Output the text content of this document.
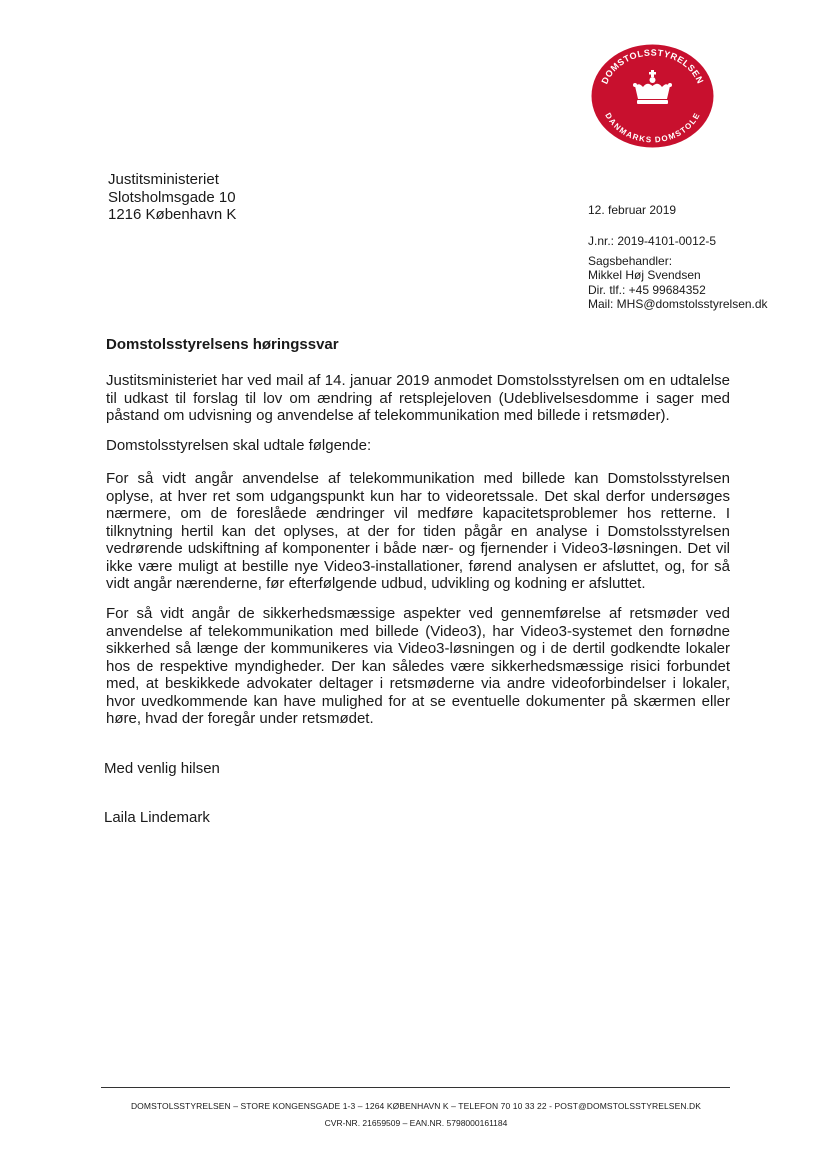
DOMSTOLSSTYRELSEN
DANMARKS DOMSTOLE
Justitsministeriet
Slotsholmsgade 10
1216 København K	12. februar 2019
J.nr.: 2019-4101-0012-5
Sagsbehandler:
Mikkel Høj Svendsen
Dir. tlf.: +45 99684352
Mail: MHS@domstolsstyrelsen.dk
Domstolsstyrelsens høringssvar
Justitsministeriet har ved mail af 14. januar 2019 anmodet Domstolsstyrelsen om en udtalelse til udkast til forslag til lov om ændring af retsplejeloven (Udeblivelsesdomme i sager med påstand om udvisning og anvendelse af telekommunikation med billede i retsmøder).
Domstolsstyrelsen skal udtale følgende:
For så vidt angår anvendelse af telekommunikation med billede kan Domstolsstyrelsen oplyse, at hver ret som udgangspunkt kun har to videoretssale. Det skal derfor undersøges nærmere, om de foreslåede ændringer vil medføre kapacitetsproblemer hos retterne. I tilknytning hertil kan det oplyses, at der for tiden pågår en analyse i Domstolsstyrelsen vedrørende udskiftning af komponenter i både nær- og fjernender i Video3-løsningen. Det vil ikke være muligt at bestille nye Video3-installationer, førend analysen er afsluttet, og, for så vidt angår nærenderne, før efterfølgende udbud, udvikling og kodning er afsluttet.
For så vidt angår de sikkerhedsmæssige aspekter ved gennemførelse af retsmøder ved anvendelse af telekommunikation med billede (Video3), har Video3-systemet den fornødne sikkerhed så længe der kommunikeres via Video3-løsningen og i de dertil godkendte lokaler hos de respektive myndigheder. Der kan således være sikkerhedsmæssige risici forbundet med, at beskikkede advokater deltager i retsmøderne via andre videoforbindelser i lokaler, hvor uvedkommende kan have mulighed for at se eventuelle dokumenter på skærmen eller høre, hvad der foregår under retsmødet.
Med venlig hilsen
Laila Lindemark
DOMSTOLSSTYRELSEN – STORE KONGENSGADE 1-3 – 1264 KØBENHAVN K – TELEFON 70 10 33 22 - POST@DOMSTOLSSTYRELSEN.DK
CVR-NR. 21659509 – EAN.NR. 5798000161184
